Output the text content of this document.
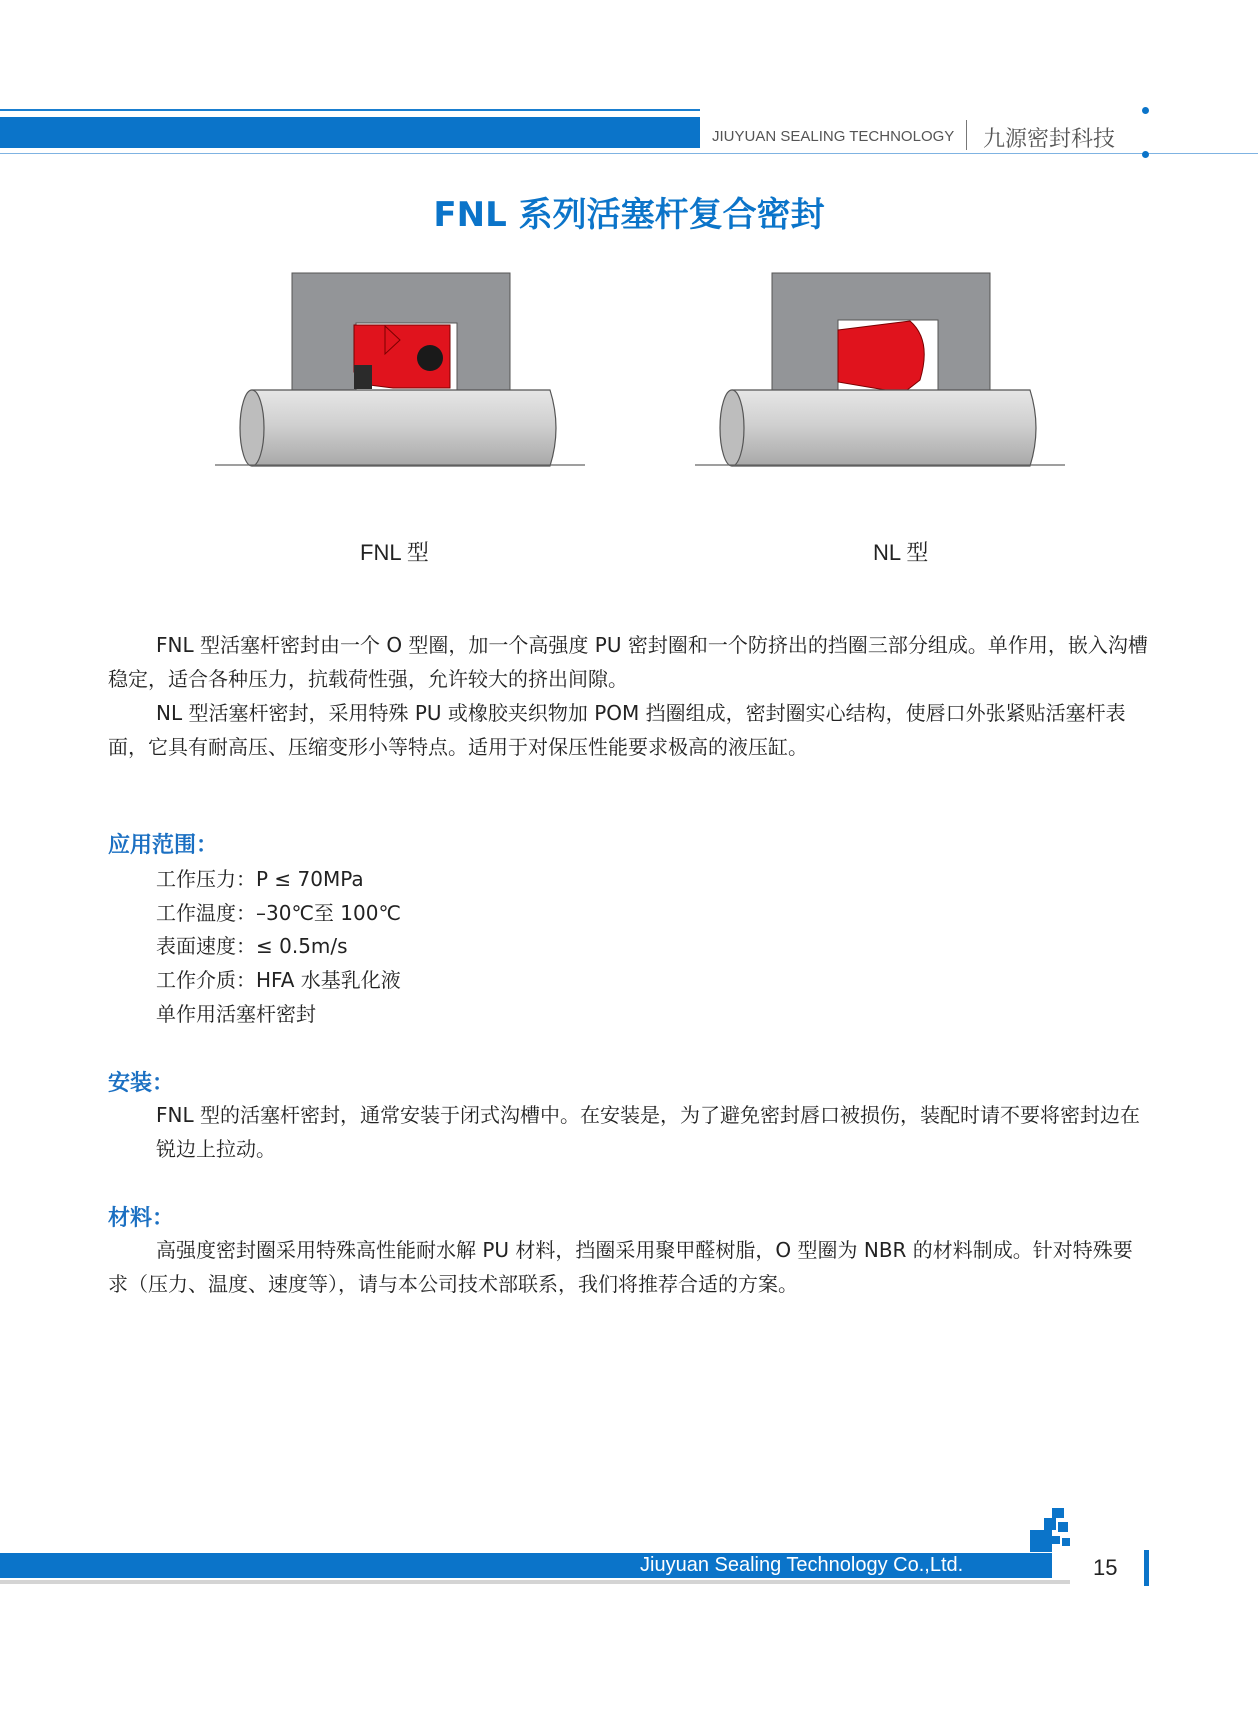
JIUYUAN SEALING TECHNOLOGY 九源密封科技
FNL 系列活塞杆复合密封
FNL 型	NL 型
FNL 型活塞杆密封由一个 O 型圈，加一个高强度 PU 密封圈和一个防挤出的挡圈三部分组成。单作用，嵌入沟槽稳定，适合各种压力，抗载荷性强，允许较大的挤出间隙。
NL 型活塞杆密封，采用特殊 PU 或橡胶夹织物加 POM 挡圈组成，密封圈实心结构，使唇口外张紧贴活塞杆表面，它具有耐高压、压缩变形小等特点。适用于对保压性能要求极高的液压缸。
应用范围：
工作压力：P ≤ 70MPa
工作温度：–30℃至 100℃
表面速度：≤ 0.5m/s
工作介质：HFA 水基乳化液
单作用活塞杆密封
安装：
FNL 型的活塞杆密封，通常安装于闭式沟槽中。在安装是，为了避免密封唇口被损伤，装配时请不要将密封边在锐边上拉动。
材料：
高强度密封圈采用特殊高性能耐水解 PU 材料，挡圈采用聚甲醛树脂，O 型圈为 NBR 的材料制成。针对特殊要求（压力、温度、速度等），请与本公司技术部联系，我们将推荐合适的方案。
Jiuyuan Sealing Technology Co.,Ltd.	15
